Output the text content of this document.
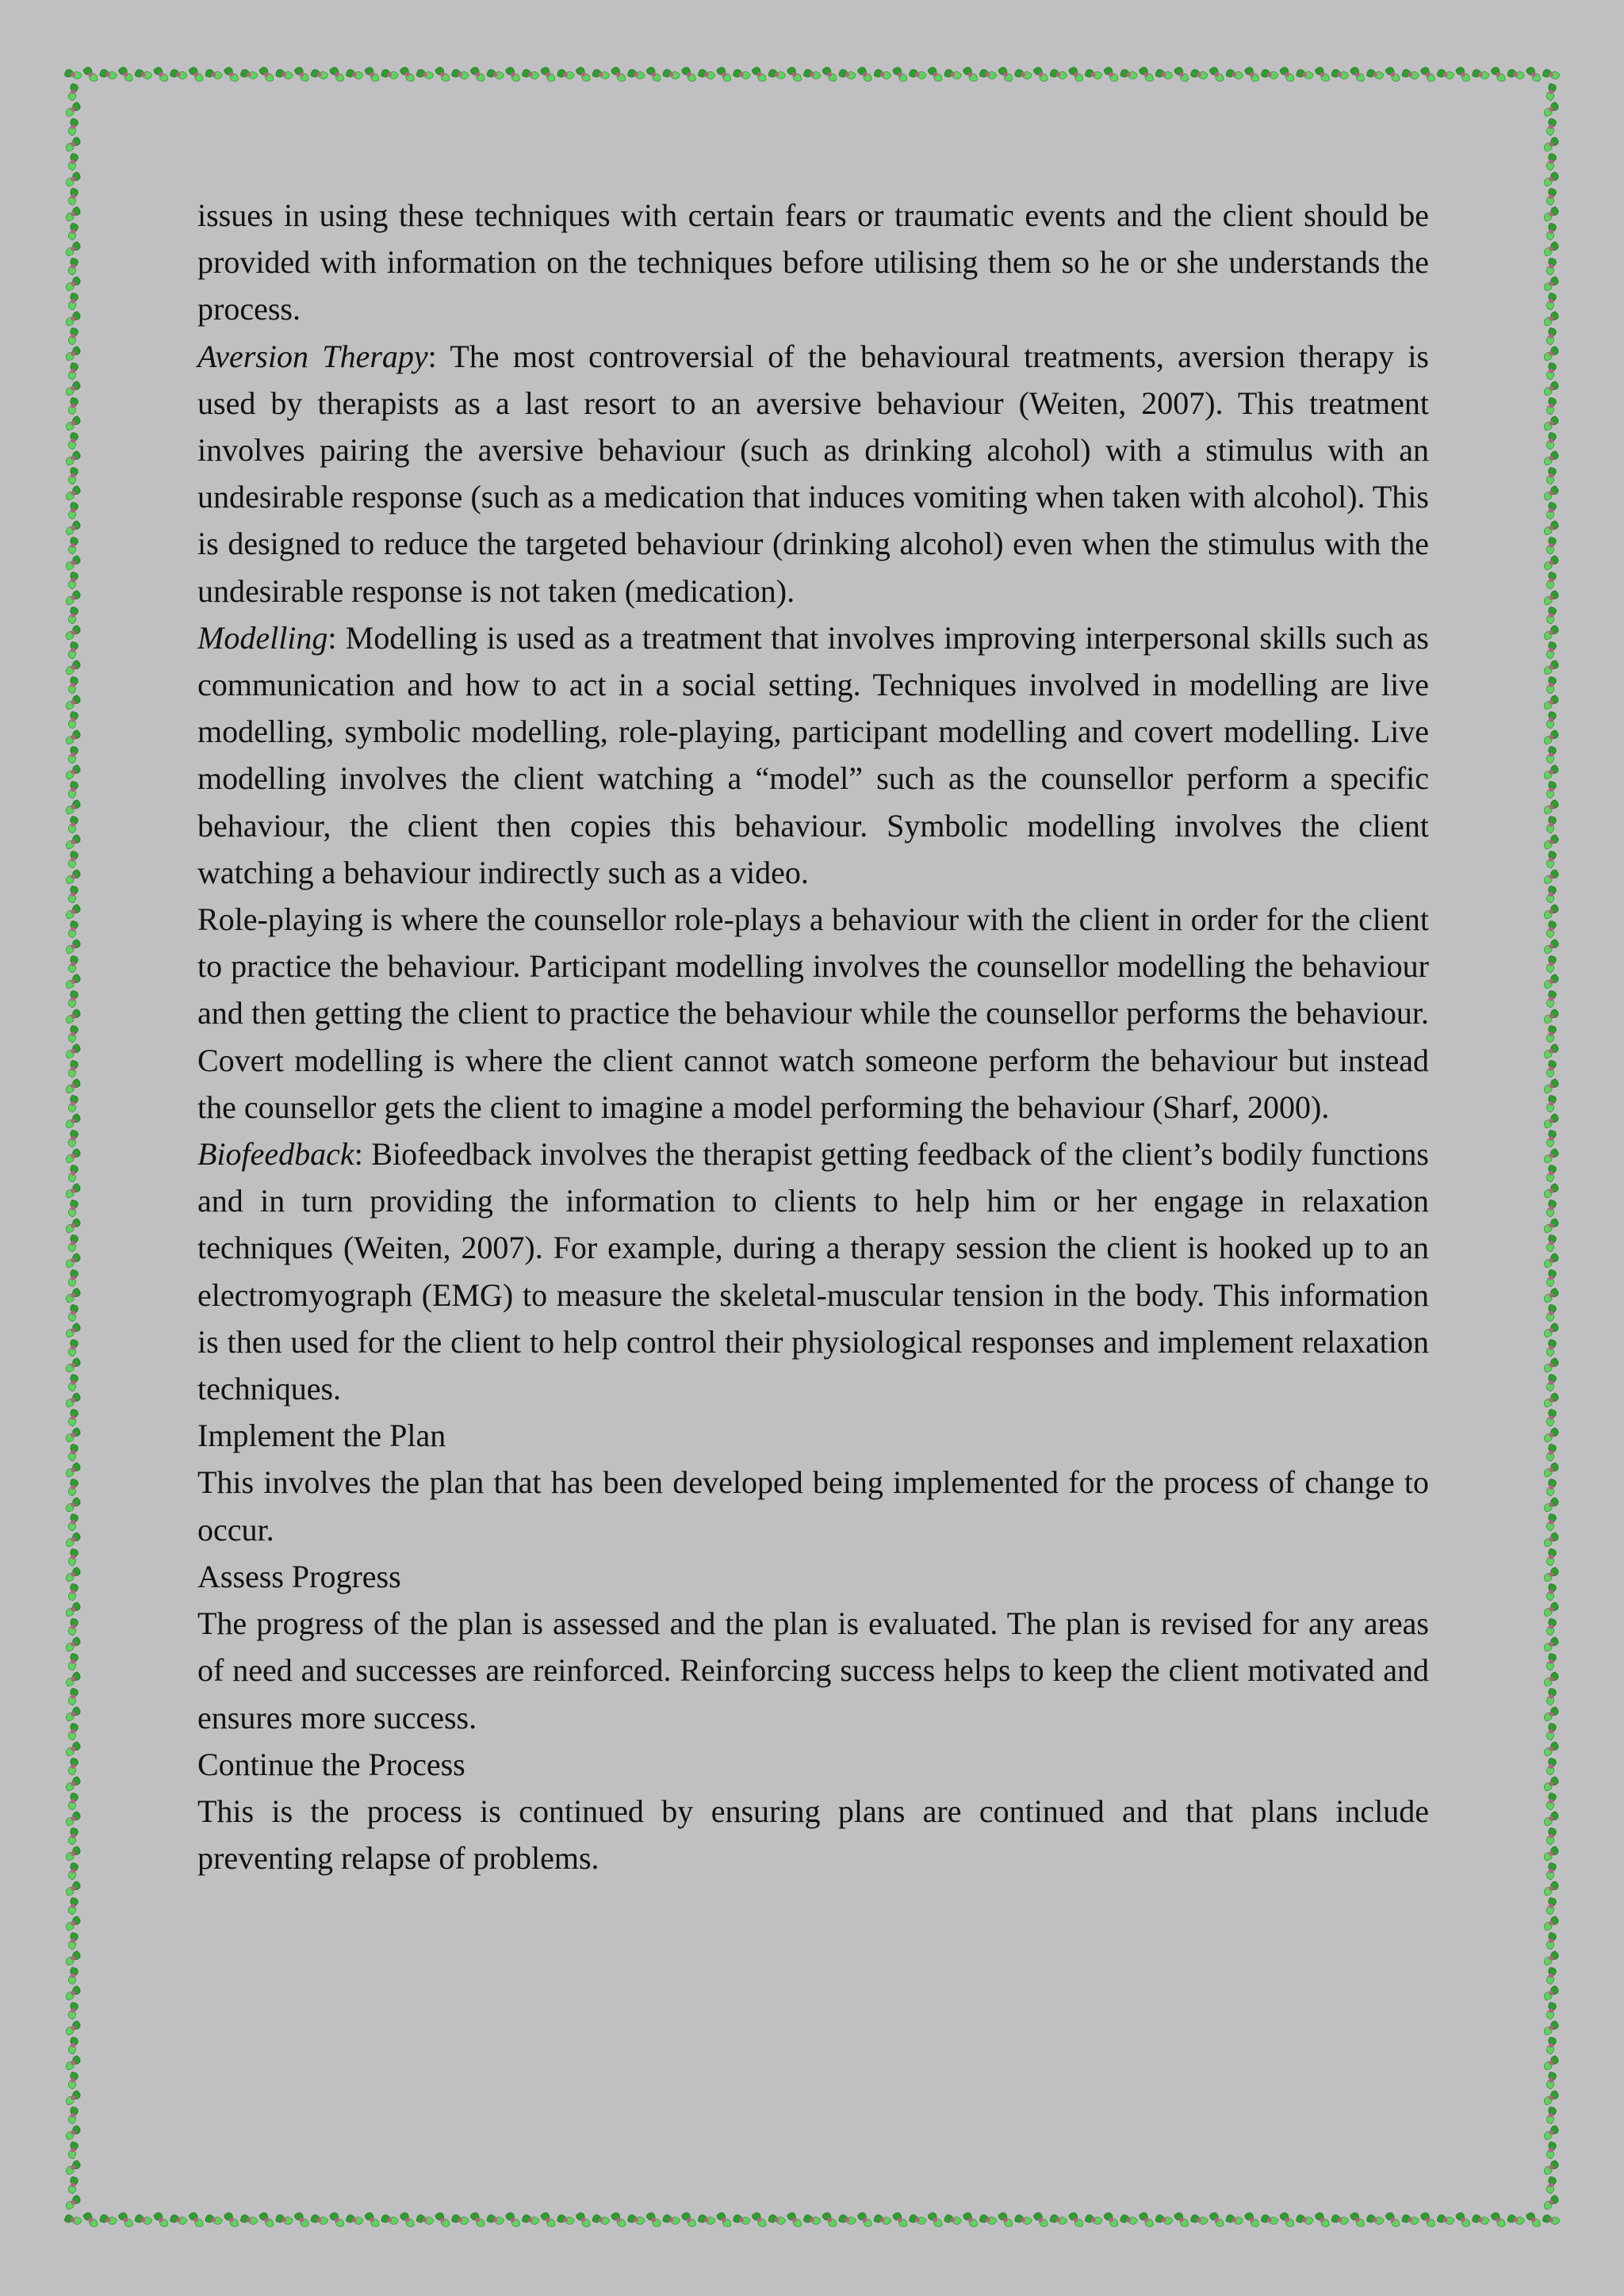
issues in using these techniques with certain fears or traumatic events and the client should be provided with information on the techniques before utilising them so he or she understands the process.

Aversion Therapy: The most controversial of the behavioural treatments, aversion therapy is used by therapists as a last resort to an aversive behaviour (Weiten, 2007). This treatment involves pairing the aversive behaviour (such as drinking alcohol) with a stimulus with an undesirable response (such as a medication that induces vomiting when taken with alcohol). This is designed to reduce the targeted behaviour (drinking alcohol) even when the stimulus with the undesirable response is not taken (medication).

Modelling: Modelling is used as a treatment that involves improving interpersonal skills such as communication and how to act in a social setting. Techniques involved in modelling are live modelling, symbolic modelling, role-playing, participant modelling and covert modelling. Live modelling involves the client watching a “model” such as the counsellor perform a specific behaviour, the client then copies this behaviour. Symbolic modelling involves the client watching a behaviour indirectly such as a video.

Role-playing is where the counsellor role-plays a behaviour with the client in order for the client to practice the behaviour. Participant modelling involves the counsellor modelling the behaviour and then getting the client to practice the behaviour while the counsellor performs the behaviour. Covert modelling is where the client cannot watch someone perform the behaviour but instead the counsellor gets the client to imagine a model performing the behaviour (Sharf, 2000).

Biofeedback: Biofeedback involves the therapist getting feedback of the client’s bodily functions and in turn providing the information to clients to help him or her engage in relaxation techniques (Weiten, 2007). For example, during a therapy session the client is hooked up to an electromyograph (EMG) to measure the skeletal-muscular tension in the body. This information is then used for the client to help control their physiological responses and implement relaxation techniques.

Implement the Plan

This involves the plan that has been developed being implemented for the process of change to occur.

Assess Progress

The progress of the plan is assessed and the plan is evaluated. The plan is revised for any areas of need and successes are reinforced. Reinforcing success helps to keep the client motivated and ensures more success.

Continue the Process

This is the process is continued by ensuring plans are continued and that plans include preventing relapse of problems.
